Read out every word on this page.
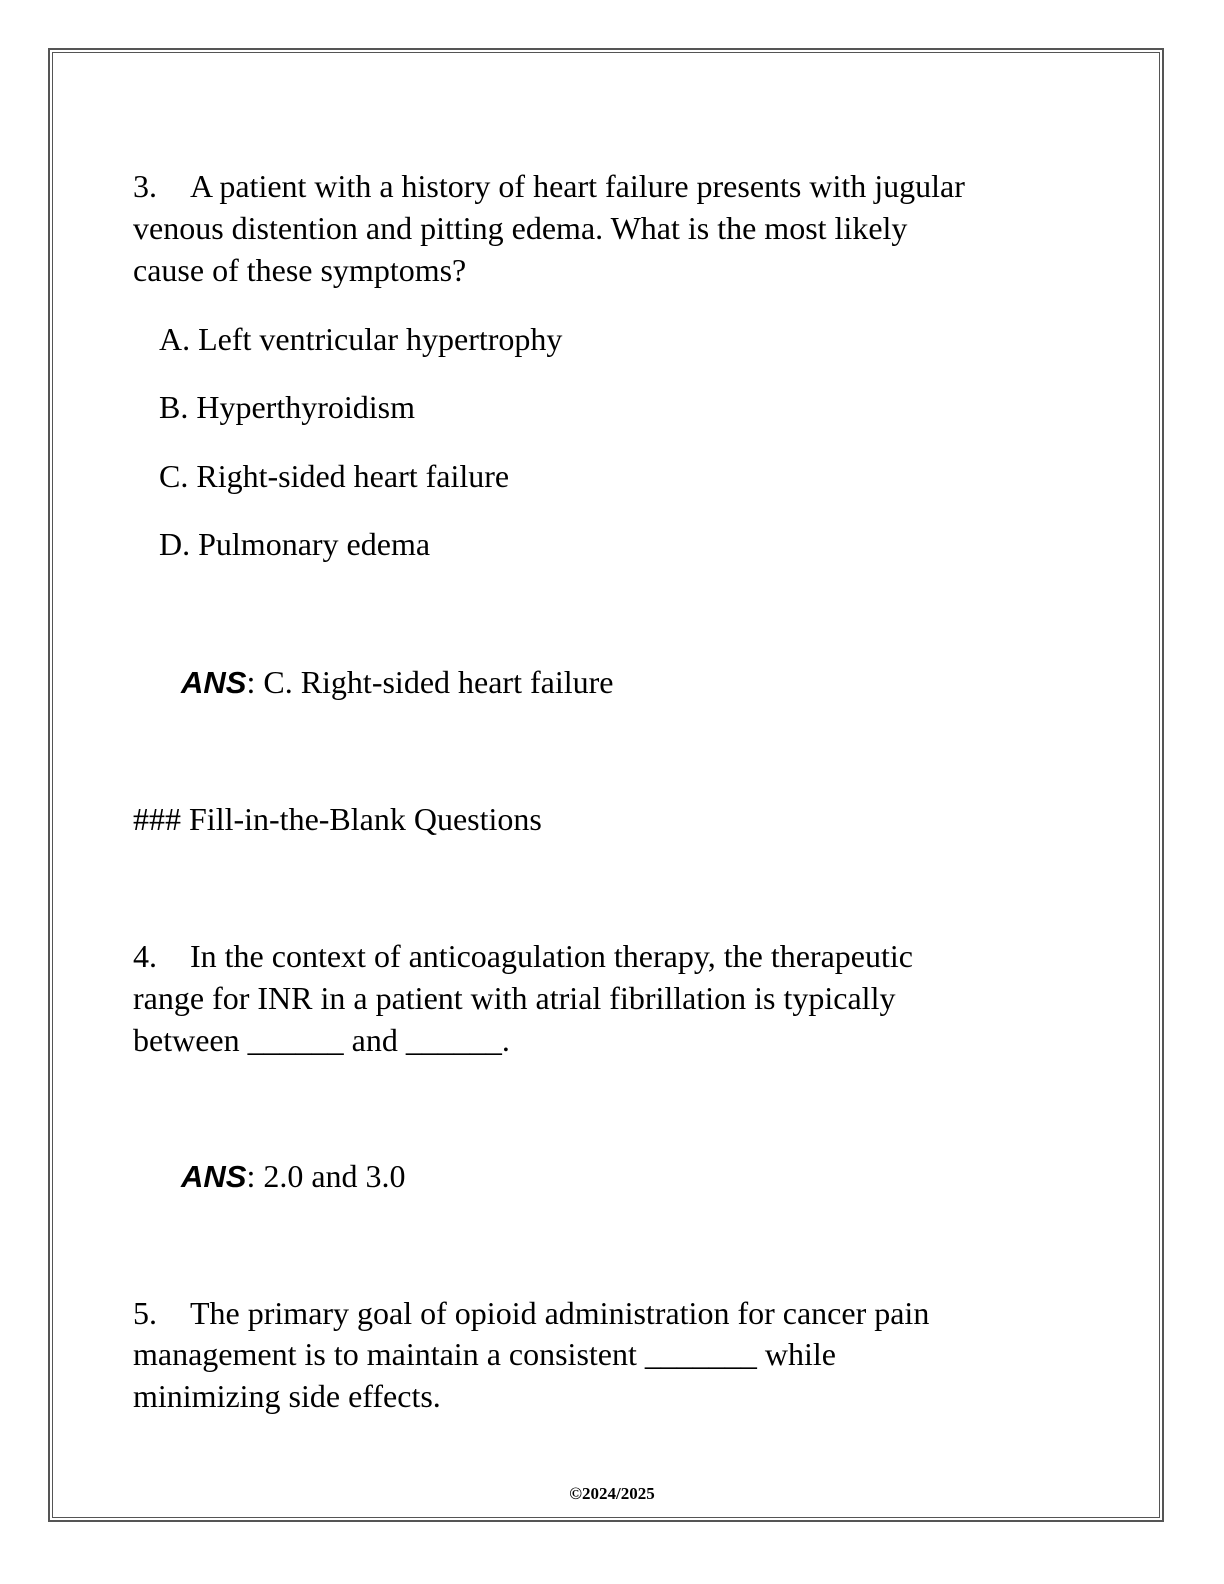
3. A patient with a history of heart failure presents with jugular
venous distention and pitting edema. What is the most likely
cause of these symptoms?
A. Left ventricular hypertrophy
B. Hyperthyroidism
C. Right-sided heart failure
D. Pulmonary edema
ANS: C. Right-sided heart failure
### Fill-in-the-Blank Questions
4. In the context of anticoagulation therapy, the therapeutic
range for INR in a patient with atrial fibrillation is typically
between ______ and ______.
ANS: 2.0 and 3.0
5. The primary goal of opioid administration for cancer pain
management is to maintain a consistent _______ while
minimizing side effects.
©2024/2025
